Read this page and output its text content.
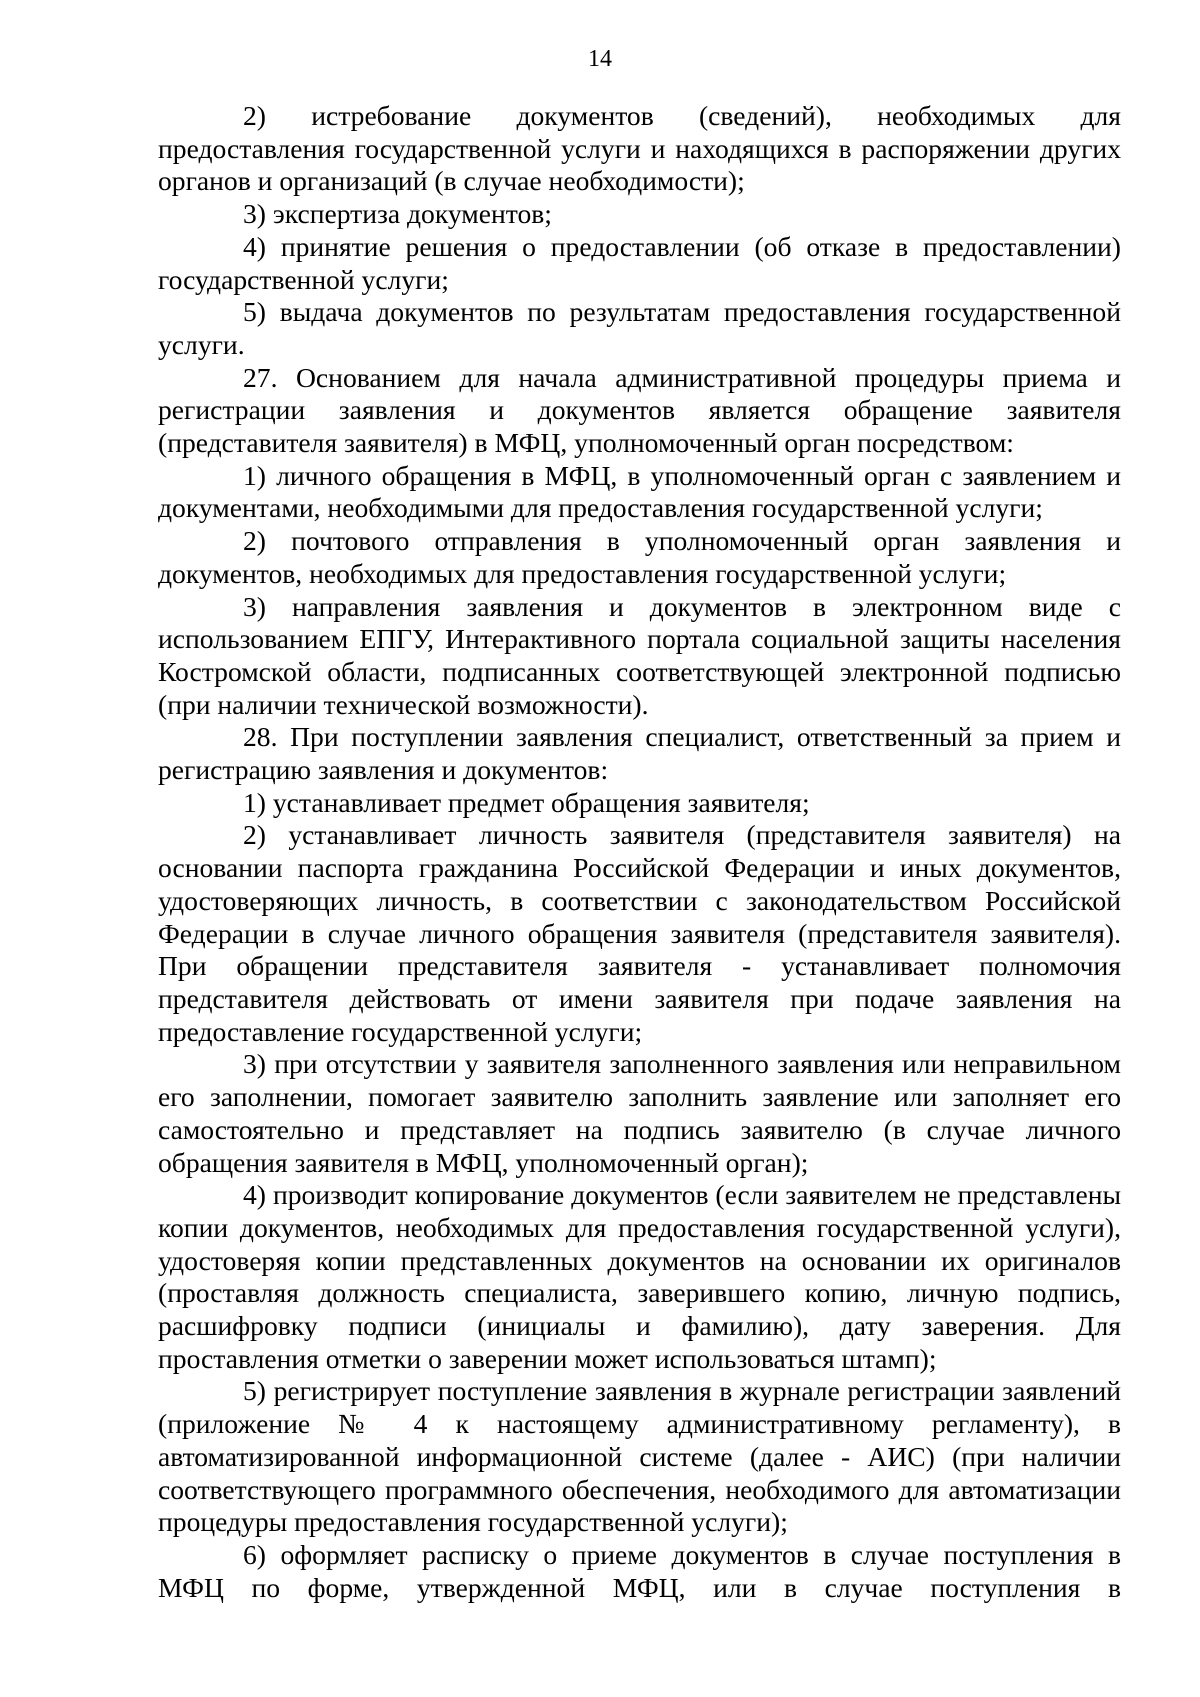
14

2) истребование документов (сведений), необходимых для предоставления государственной услуги и находящихся в распоряжении других органов и организаций (в случае необходимости);

3) экспертиза документов;

4) принятие решения о предоставлении (об отказе в предоставлении) государственной услуги;

5) выдача документов по результатам предоставления государственной услуги.

27. Основанием для начала административной процедуры приема и регистрации заявления и документов является обращение заявителя (представителя заявителя) в МФЦ, уполномоченный орган посредством:

1) личного обращения в МФЦ, в уполномоченный орган с заявлением и документами, необходимыми для предоставления государственной услуги;

2) почтового отправления в уполномоченный орган заявления и документов, необходимых для предоставления государственной услуги;

3) направления заявления и документов в электронном виде с использованием ЕПГУ, Интерактивного портала социальной защиты населения Костромской области, подписанных соответствующей электронной подписью (при наличии технической возможности).

28. При поступлении заявления специалист, ответственный за прием и регистрацию заявления и документов:

1) устанавливает предмет обращения заявителя;

2) устанавливает личность заявителя (представителя заявителя) на основании паспорта гражданина Российской Федерации и иных документов, удостоверяющих личность, в соответствии с законодательством Российской Федерации в случае личного обращения заявителя (представителя заявителя). При обращении представителя заявителя - устанавливает полномочия представителя действовать от имени заявителя при подаче заявления на предоставление государственной услуги;

3) при отсутствии у заявителя заполненного заявления или неправильном его заполнении, помогает заявителю заполнить заявление или заполняет его самостоятельно и представляет на подпись заявителю (в случае личного обращения заявителя в МФЦ, уполномоченный орган);

4) производит копирование документов (если заявителем не представлены копии документов, необходимых для предоставления государственной услуги), удостоверяя копии представленных документов на основании их оригиналов (проставляя должность специалиста, заверившего копию, личную подпись, расшифровку подписи (инициалы и фамилию), дату заверения. Для проставления отметки о заверении может использоваться штамп);

5) регистрирует поступление заявления в журнале регистрации заявлений (приложение № 4 к настоящему административному регламенту), в автоматизированной информационной системе (далее - АИС) (при наличии соответствующего программного обеспечения, необходимого для автоматизации процедуры предоставления государственной услуги);

6) оформляет расписку о приеме документов в случае поступления в МФЦ по форме, утвержденной МФЦ, или в случае поступления в
